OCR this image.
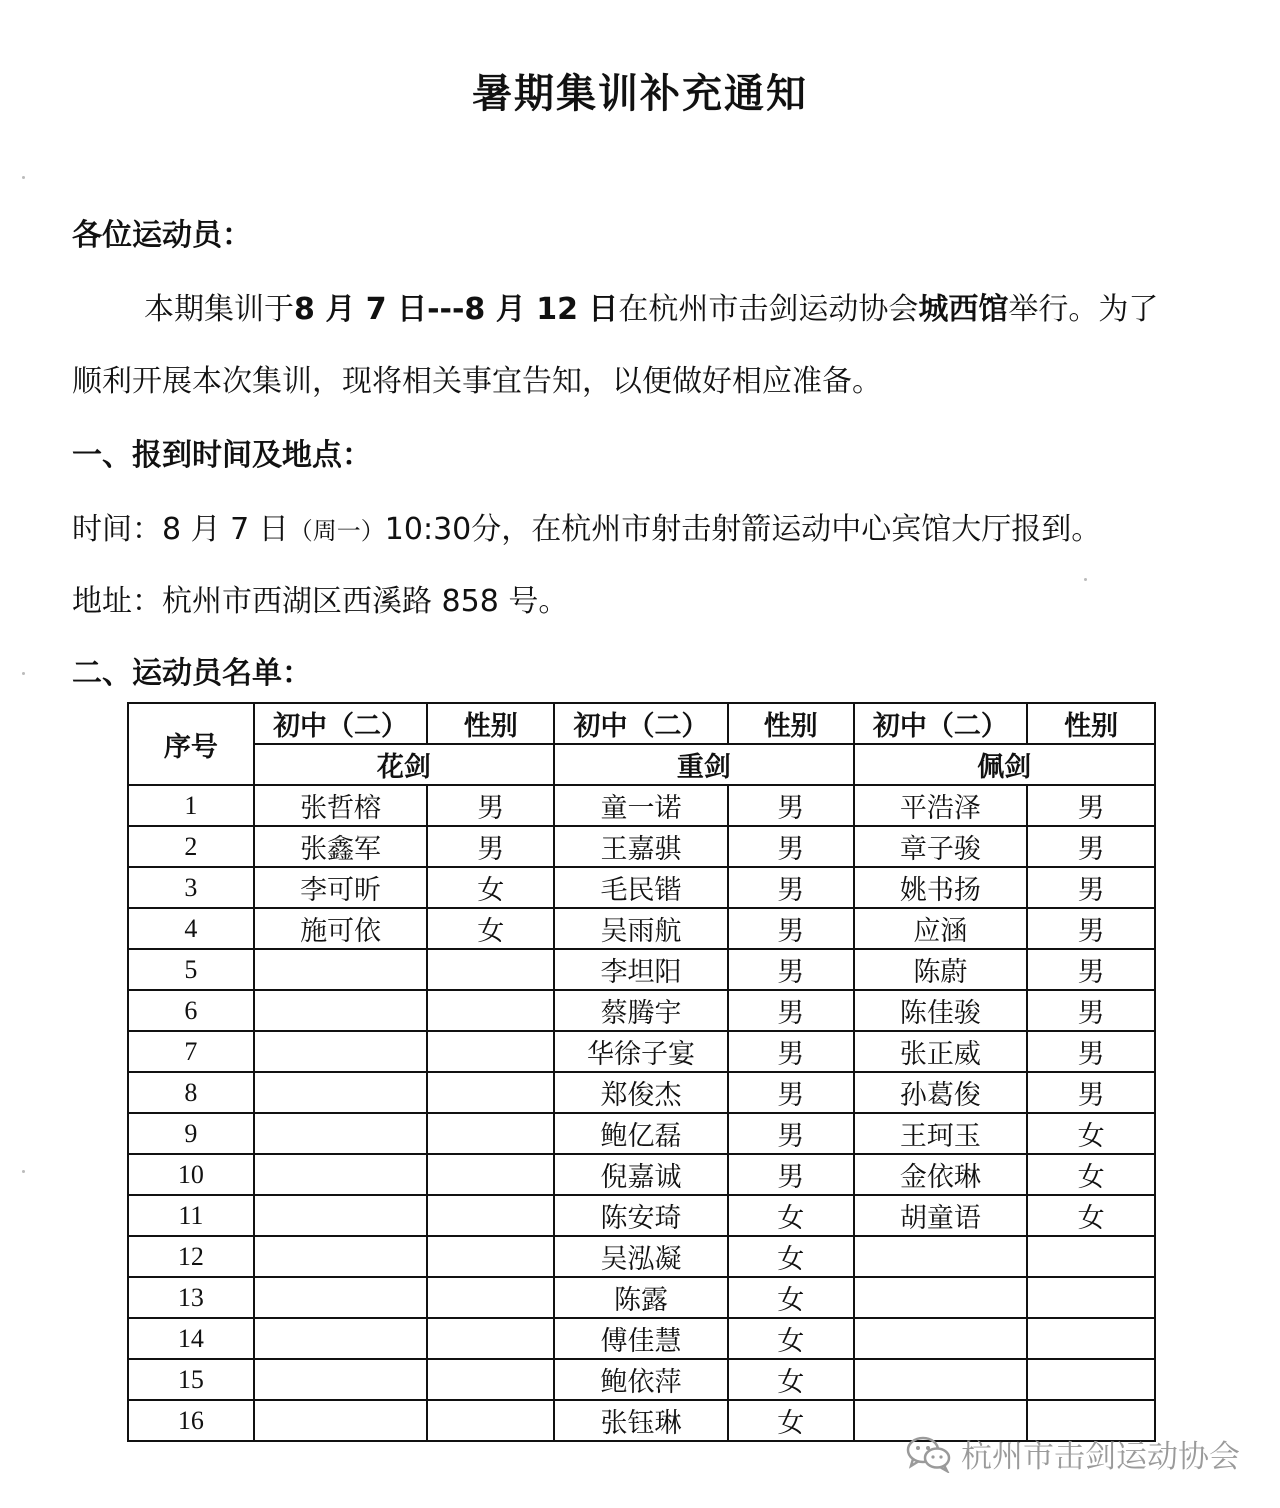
暑期集训补充通知
各位运动员：
本期集训于8 月 7 日---8 月 12 日在杭州市击剑运动协会城西馆举行。为了
顺利开展本次集训，现将相关事宜告知，以便做好相应准备。
一、报到时间及地点：
时间：8 月 7 日（周一）10:30分，在杭州市射击射箭运动中心宾馆大厅报到。
地址：杭州市西湖区西溪路 858 号。
二、运动员名单：
序号	初中（二）	性别	初中（二）	性别	初中（二）	性别
	花剑		重剑		佩剑	
1	张哲榕	男	童一诺	男	平浩泽	男
2	张鑫军	男	王嘉骐	男	章子骏	男
3	李可昕	女	毛民锴	男	姚书扬	男
4	施可依	女	吴雨航	男	应涵	男
5			李坦阳	男	陈蔚	男
6			蔡腾宇	男	陈佳骏	男
7			华徐子宴	男	张正威	男
8			郑俊杰	男	孙葛俊	男
9			鲍亿磊	男	王珂玉	女
10			倪嘉诚	男	金依琳	女
11			陈安琦	女	胡童语	女
12			吴泓凝	女		
13			陈露	女		
14			傅佳慧	女		
15			鲍依萍	女		
16			张钰琳	女		
杭州市击剑运动协会
